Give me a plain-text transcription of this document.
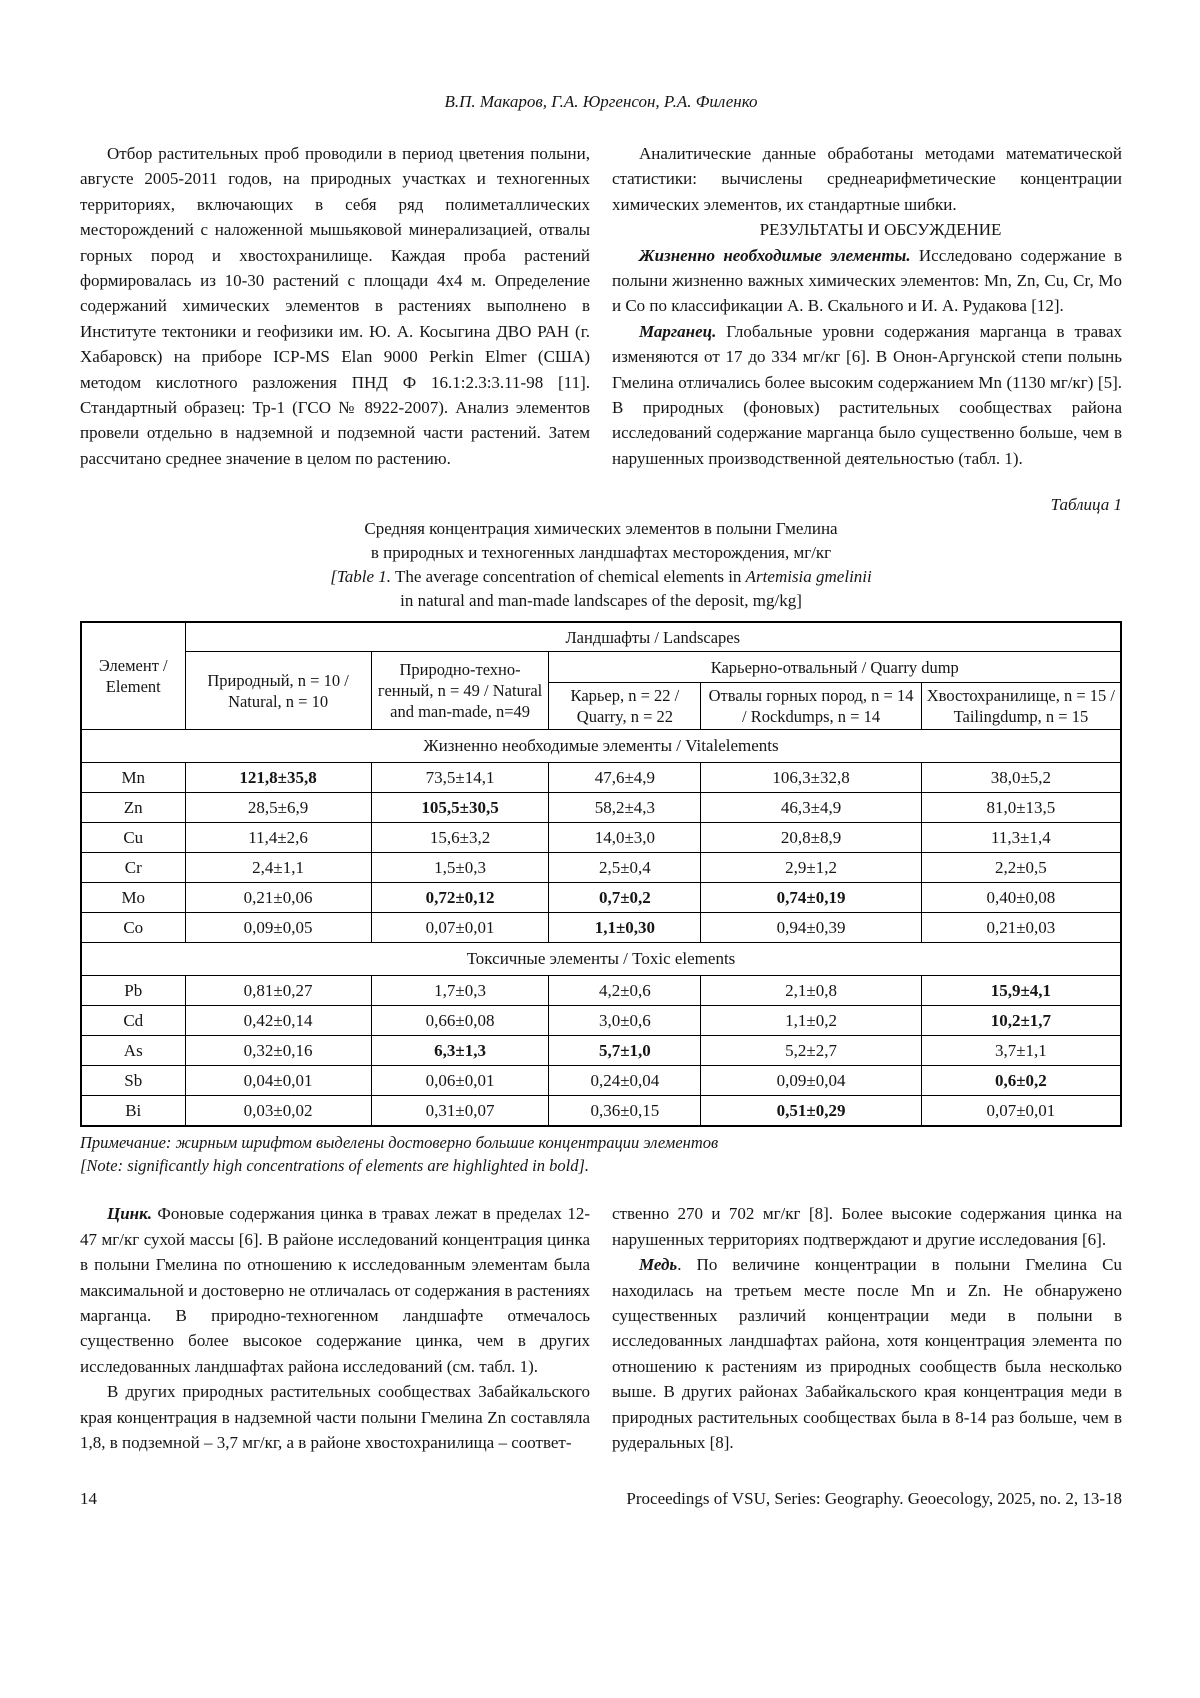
В.П. Макаров, Г.А. Юргенсон, Р.А. Филенко

Отбор растительных проб проводили в период цветения полыни, августе 2005-2011 годов, на природных участках и техногенных территориях, включающих в себя ряд полиметаллических месторождений с наложенной мышьяковой минерализацией, отвалы горных пород и хвостохранилище. Каждая проба растений формировалась из 10-30 растений с площади 4х4 м. Определение содержаний химических элементов в растениях выполнено в Институте тектоники и геофизики им. Ю. А. Косыгина ДВО РАН (г. Хабаровск) на приборе ICP-MS Elan 9000 Perkin Elmer (США) методом кислотного разложения ПНД Ф 16.1:2.3:3.11-98 [11]. Стандартный образец: Тр-1 (ГСО № 8922-2007). Анализ элементов провели отдельно в надземной и подземной части растений. Затем рассчитано среднее значение в целом по растению.

Аналитические данные обработаны методами математической статистики: вычислены среднеарифметические концентрации химических элементов, их стандартные шибки.

РЕЗУЛЬТАТЫ И ОБСУЖДЕНИЕ

Жизненно необходимые элементы. Исследовано содержание в полыни жизненно важных химических элементов: Mn, Zn, Cu, Cr, Mo и Co по классификации А. В. Скального и И. А. Рудакова [12].

Марганец. Глобальные уровни содержания марганца в травах изменяются от 17 до 334 мг/кг [6]. В Онон-Аргунской степи полынь Гмелина отличались более высоким содержанием Mn (1130 мг/кг) [5]. В природных (фоновых) растительных сообществах района исследований содержание марганца было существенно больше, чем в нарушенных производственной деятельностью (табл. 1).

Таблица 1
Средняя концентрация химических элементов в полыни Гмелина
в природных и техногенных ландшафтах месторождения, мг/кг
[Table 1. The average concentration of chemical elements in Artemisia gmelinii
in natural and man-made landscapes of the deposit, mg/kg]
Элемент / Element	Ландшафты / Landscapes				
	Природный, n = 10 / Natural, n = 10	Природно-техногенный, n = 49 / Natural and man-made, n=49	Карьерно-отвальный / Quarry dump		
			Карьер, n = 22 / Quarry, n = 22	Отвалы горных пород, n = 14 / Rockdumps, n = 14	Хвостохранилище, n = 15 / Tailingdump, n = 15
Жизненно необходимые элементы / Vitalelements					
Mn	121,8±35,8	73,5±14,1	47,6±4,9	106,3±32,8	38,0±5,2
Zn	28,5±6,9	105,5±30,5	58,2±4,3	46,3±4,9	81,0±13,5
Cu	11,4±2,6	15,6±3,2	14,0±3,0	20,8±8,9	11,3±1,4
Cr	2,4±1,1	1,5±0,3	2,5±0,4	2,9±1,2	2,2±0,5
Mo	0,21±0,06	0,72±0,12	0,7±0,2	0,74±0,19	0,40±0,08
Co	0,09±0,05	0,07±0,01	1,1±0,30	0,94±0,39	0,21±0,03
Токсичные элементы / Toxic elements					
Pb	0,81±0,27	1,7±0,3	4,2±0,6	2,1±0,8	15,9±4,1
Cd	0,42±0,14	0,66±0,08	3,0±0,6	1,1±0,2	10,2±1,7
As	0,32±0,16	6,3±1,3	5,7±1,0	5,2±2,7	3,7±1,1
Sb	0,04±0,01	0,06±0,01	0,24±0,04	0,09±0,04	0,6±0,2
Bi	0,03±0,02	0,31±0,07	0,36±0,15	0,51±0,29	0,07±0,01
Примечание: жирным шрифтом выделены достоверно большие концентрации элементов
[Note: significantly high concentrations of elements are highlighted in bold].

Цинк. Фоновые содержания цинка в травах лежат в пределах 12-47 мг/кг сухой массы [6]. В районе исследований концентрация цинка в полыни Гмелина по отношению к исследованным элементам была максимальной и достоверно не отличалась от содержания в растениях марганца. В природно-техногенном ландшафте отмечалось существенно более высокое содержание цинка, чем в других исследованных ландшафтах района исследований (см. табл. 1).

В других природных растительных сообществах Забайкальского края концентрация в надземной части полыни Гмелина Zn составляла 1,8, в подземной – 3,7 мг/кг, а в районе хвостохранилища – соответ-

ственно 270 и 702 мг/кг [8]. Более высокие содержания цинка на нарушенных территориях подтверждают и другие исследования [6].

Медь. По величине концентрации в полыни Гмелина Cu находилась на третьем месте после Mn и Zn. Не обнаружено существенных различий концентрации меди в полыни в исследованных ландшафтах района, хотя концентрация элемента по отношению к растениям из природных сообществ была несколько выше. В других районах Забайкальского края концентрация меди в природных растительных сообществах была в 8-14 раз больше, чем в рудеральных [8].

14	Proceedings of VSU, Series: Geography. Geoecology, 2025, no. 2, 13-18
